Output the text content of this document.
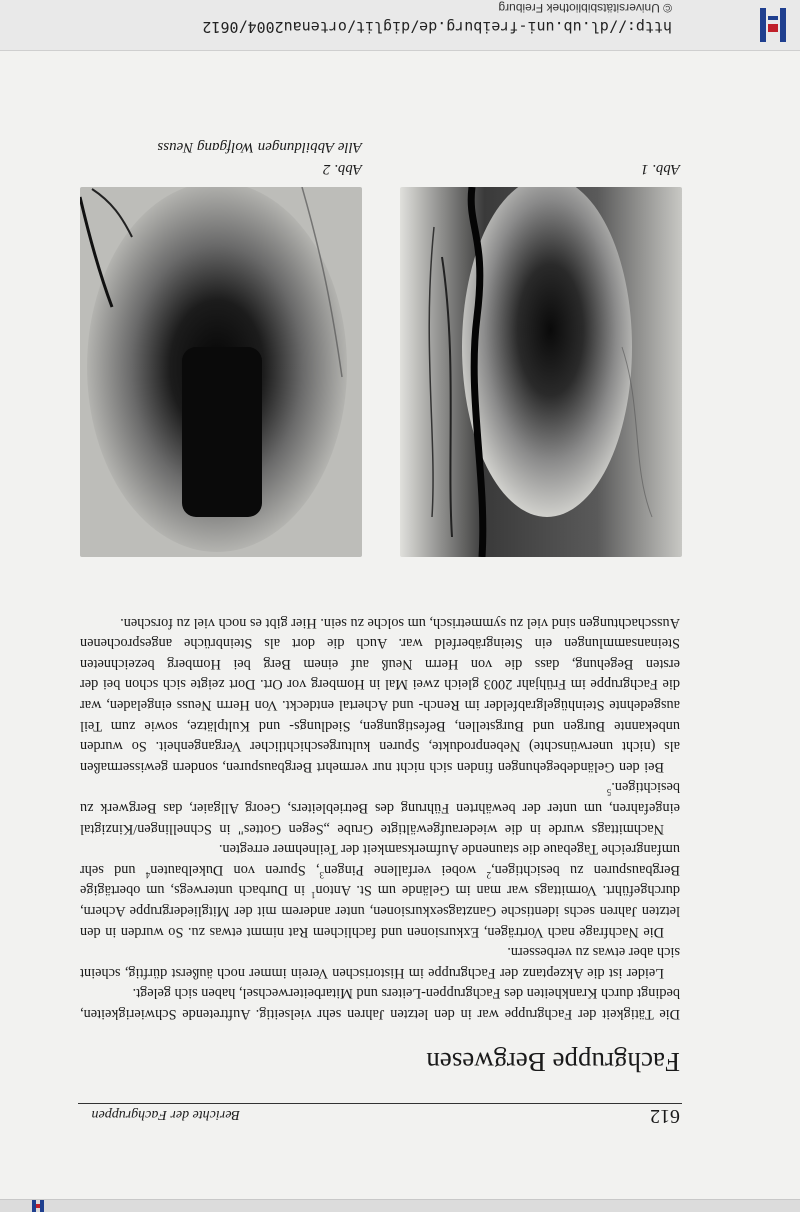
612
Berichte der Fachgruppen
Fachgruppe Bergwesen

Die Tätigkeit der Fachgruppe war in den letzten Jahren sehr vielseitig. Auftretende Schwierigkeiten, bedingt durch Krankheiten des Fachgruppen-Leiters und Mitarbeiterwechsel, haben sich gelegt.

Leider ist die Akzeptanz der Fachgruppe im Historischen Verein immer noch äußerst dürftig, scheint sich aber etwas zu verbessern.

Die Nachfrage nach Vorträgen, Exkursionen und fachlichem Rat nimmt etwas zu. So wurden in den letzten Jahren sechs identische Ganztagsexkursionen, unter anderem mit der Mitgliedergruppe Achern, durchgeführt. Vormittags war man im Gelände um St. Anton$^1$ in Durbach unterwegs, um obertägige Bergbauspuren zu besichtigen,$^2$ wobei verfallene Pingen$^3$, Spuren von Dukelbauten$^4$ und sehr umfangreiche Tagebaue die staunende Aufmerksamkeit der Teilnehmer erregten.

Nachmittags wurde in die wiederaufgewältigte Grube „Segen Gottes" in Schnellingen/Kinzigtal eingefahren, um unter der bewährten Führung des Betriebleiters, Georg Allgaier, das Bergwerk zu besichtigen.$^5$

Bei den Geländebegehungen finden sich nicht nur vermehrt Bergbauspuren, sondern gewissermaßen als (nicht unerwünschte) Nebenprodukte, Spuren kulturgeschichtlicher Vergangenheit. So wurden unbekannte Burgen und Burgstellen, Befestigungen, Siedlungs- und Kultplätze, sowie zum Teil ausgedehnte Steinhügelgrabfelder im Rench- und Achertal entdeckt. Von Herrn Neuss eingeladen, war die Fachgruppe im Frühjahr 2003 gleich zwei Mal in Homberg vor Ort. Dort zeigte sich schon bei der ersten Begehung, dass die von Herrn Neuß auf einem Berg bei Homberg bezeichneten Steinansammlungen ein Steingräberfeld war. Auch die dort als Steinbrüche angesprochenen Ausschachtungen sind viel zu symmetrisch, um solche zu sein. Hier gibt es noch viel zu forschen.

Abb. 1
Abb. 2
Alle Abbildungen Wolfgang Neuss
http://dl.ub.uni-freiburg.de/diglit/ortenau2004/0612
© Universitätsbibliothek Freiburg
